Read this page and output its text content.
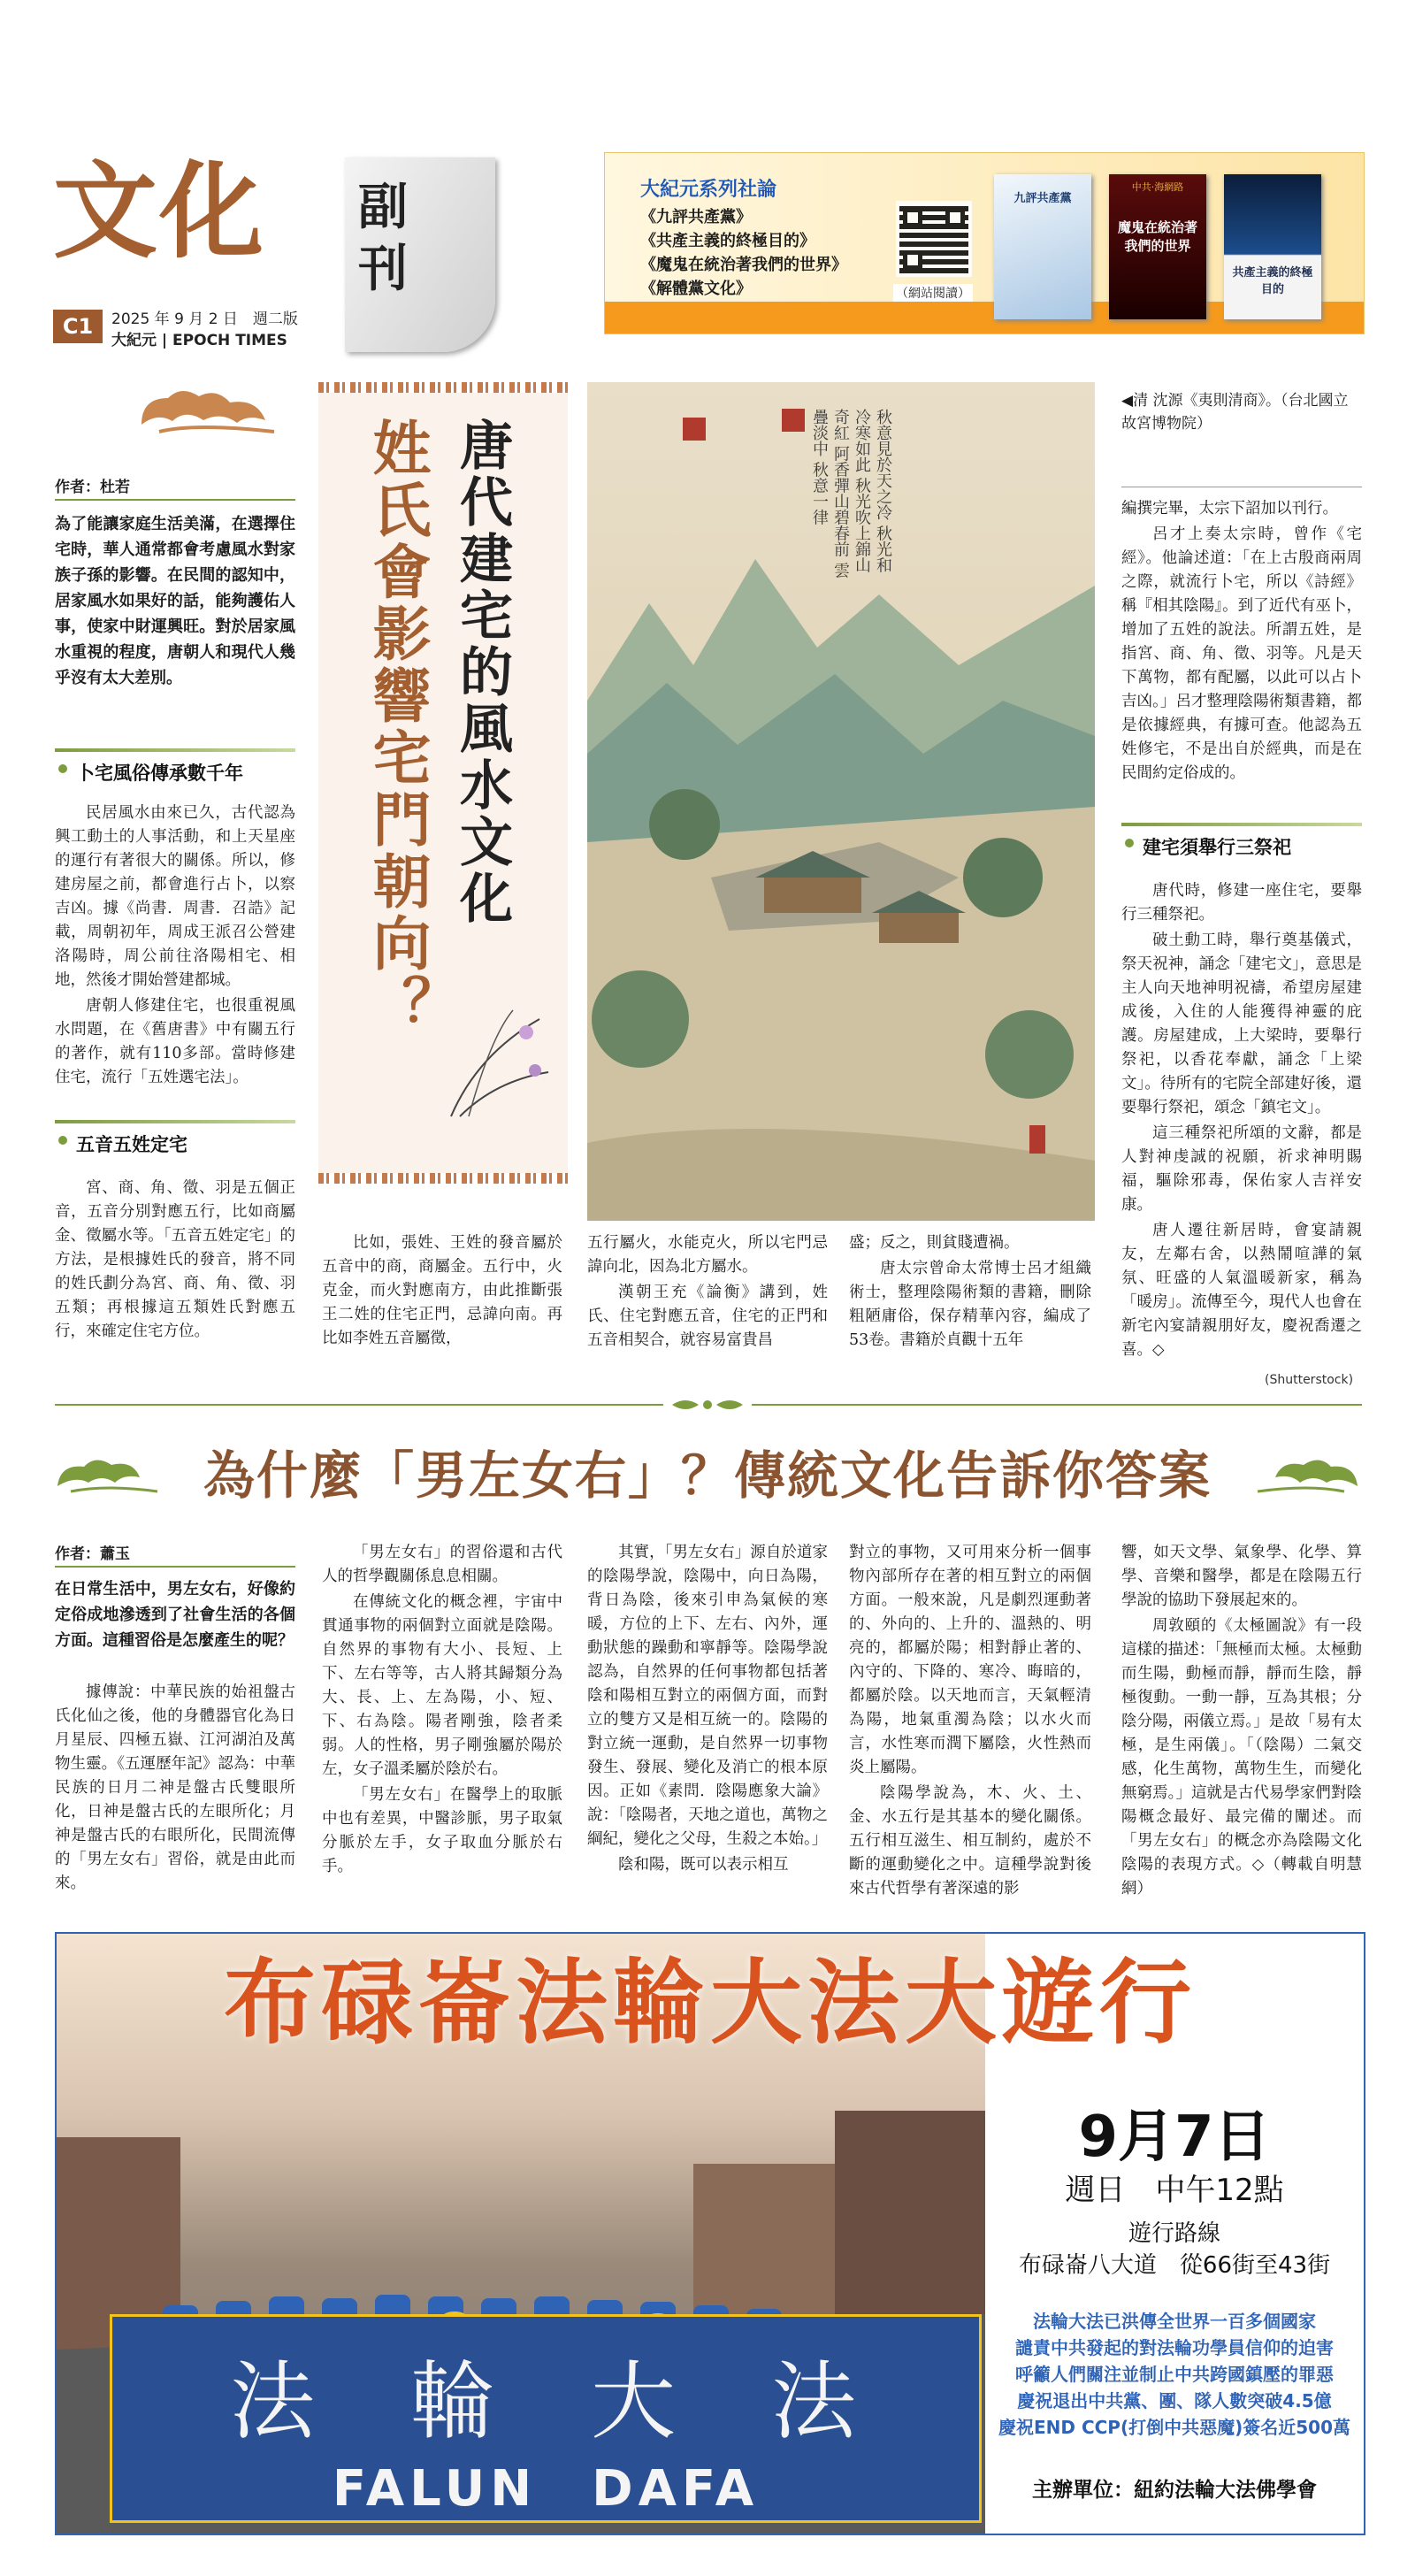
文化 副
刊
C1	2025 年 9 月 2 日　週二版
大紀元 | EPOCH TIMES
大紀元系列社論
《九評共產黨》
《共產主義的終極目的》
《魔鬼在統治著我們的世界》
《解體黨文化》	（網站閱讀）
九評共產黨
中共‧海網路
魔鬼在統治著我們的世界
共產主義的終極目的
作者：杜若
為了能讓家庭生活美滿，在選擇住宅時，華人通常都會考慮風水對家族子孫的影響。在民間的認知中，居家風水如果好的話，能夠護佑人事，使家中財運興旺。對於居家風水重視的程度，唐朝人和現代人幾乎沒有太大差別。
卜宅風俗傳承數千年

民居風水由來已久，古代認為興工動土的人事活動，和上天星座的運行有著很大的關係。所以，修建房屋之前，都會進行占卜，以察吉凶。據《尚書．周書．召誥》記載，周朝初年，周成王派召公營建洛陽時，周公前往洛陽相宅、相地，然後才開始營建都城。

唐朝人修建住宅，也很重視風水問題，在《舊唐書》中有關五行的著作，就有110多部。當時修建住宅，流行「五姓選宅法」。

五音五姓定宅

宮、商、角、徵、羽是五個正音，五音分別對應五行，比如商屬金、徵屬水等。「五音五姓定宅」的方法，是根據姓氏的發音，將不同的姓氏劃分為宮、商、角、徵、羽五類；再根據這五類姓氏對應五行，來確定住宅方位。

唐代建宅的風水文化
姓氏會影響宅門朝向？	秋意見於天之冷 秋光和冷寒如此 秋光吹上錦山奇紅 阿香彈山碧春前 雲疊淡中 秋意一律

比如，張姓、王姓的發音屬於五音中的商，商屬金。五行中，火克金，而火對應南方，由此推斷張王二姓的住宅正門，忌諱向南。再比如李姓五音屬徵，

五行屬火，水能克火，所以宅門忌諱向北，因為北方屬水。

漢朝王充《論衡》講到，姓氏、住宅對應五音，住宅的正門和五音相契合，就容易富貴昌

盛；反之，則貧賤遭禍。

唐太宗曾命太常博士呂才組織術士，整理陰陽術類的書籍，刪除粗陋庸俗，保存精華內容，編成了53卷。書籍於貞觀十五年

◀清 沈源《夷則清商》。（台北國立故宮博物院）

編撰完畢，太宗下詔加以刊行。

呂才上奏太宗時，曾作《宅經》。他論述道：「在上古殷商兩周之際，就流行卜宅，所以《詩經》稱『相其陰陽』。到了近代有巫卜，增加了五姓的說法。所謂五姓，是指宮、商、角、徵、羽等。凡是天下萬物，都有配屬，以此可以占卜吉凶。」呂才整理陰陽術類書籍，都是依據經典，有據可查。他認為五姓修宅，不是出自於經典，而是在民間約定俗成的。

建宅須舉行三祭祀

唐代時，修建一座住宅，要舉行三種祭祀。

破土動工時，舉行奠基儀式，祭天祝神，誦念「建宅文」，意思是主人向天地神明祝禱，希望房屋建成後，入住的人能獲得神靈的庇護。房屋建成，上大梁時，要舉行祭祀，以香花奉獻，誦念「上梁文」。待所有的宅院全部建好後，還要舉行祭祀，頌念「鎮宅文」。

這三種祭祀所頌的文辭，都是人對神虔誠的祝願，祈求神明賜福，驅除邪毒，保佑家人吉祥安康。

唐人遷往新居時，會宴請親友，左鄰右舍，以熱鬧喧譁的氣氛、旺盛的人氣溫暖新家，稱為「暖房」。流傳至今，現代人也會在新宅內宴請親朋好友，慶祝喬遷之喜。◇

(Shutterstock)
為什麼「男左女右」？傳統文化告訴你答案
作者：蕭玉
在日常生活中，男左女右，好像約定俗成地滲透到了社會生活的各個方面。這種習俗是怎麼產生的呢？

據傳說：中華民族的始祖盤古氏化仙之後，他的身體器官化為日月星辰、四極五嶽、江河湖泊及萬物生靈。《五運歷年記》認為：中華民族的日月二神是盤古氏雙眼所化，日神是盤古氏的左眼所化；月神是盤古氏的右眼所化，民間流傳的「男左女右」習俗，就是由此而來。

「男左女右」的習俗還和古代人的哲學觀關係息息相關。

在傳統文化的概念裡，宇宙中貫通事物的兩個對立面就是陰陽。自然界的事物有大小、長短、上下、左右等等，古人將其歸類分為大、長、上、左為陽，小、短、下、右為陰。陽者剛強，陰者柔弱。人的性格，男子剛強屬於陽於左，女子溫柔屬於陰於右。

「男左女右」在醫學上的取脈中也有差異，中醫診脈，男子取氣分脈於左手，女子取血分脈於右手。

其實，「男左女右」源自於道家的陰陽學說，陰陽中，向日為陽，背日為陰，後來引申為氣候的寒暖，方位的上下、左右、內外，運動狀態的躁動和寧靜等。陰陽學說認為，自然界的任何事物都包括著陰和陽相互對立的兩個方面，而對立的雙方又是相互統一的。陰陽的對立統一運動，是自然界一切事物發生、發展、變化及消亡的根本原因。正如《素問．陰陽應象大論》說：「陰陽者，天地之道也，萬物之綱紀，變化之父母，生殺之本始。」

陰和陽，既可以表示相互

對立的事物，又可用來分析一個事物內部所存在著的相互對立的兩個方面。一般來說，凡是劇烈運動著的、外向的、上升的、溫熱的、明亮的，都屬於陽；相對靜止著的、內守的、下降的、寒冷、晦暗的，都屬於陰。以天地而言，天氣輕清為陽，地氣重濁為陰；以水火而言，水性寒而潤下屬陰，火性熱而炎上屬陽。

陰陽學說為，木、火、土、金、水五行是其基本的變化關係。五行相互滋生、相互制約，處於不斷的運動變化之中。這種學說對後來古代哲學有著深遠的影

響，如天文學、氣象學、化學、算學、音樂和醫學，都是在陰陽五行學說的協助下發展起來的。

周敦頤的《太極圖說》有一段這樣的描述：「無極而太極。太極動而生陽，動極而靜，靜而生陰，靜極復動。一動一靜，互為其根；分陰分陽，兩儀立焉。」是故「易有太極，是生兩儀」。「（陰陽）二氣交感，化生萬物，萬物生生，而變化無窮焉。」這就是古代易學家們對陰陽概念最好、最完備的闡述。而「男左女右」的概念亦為陰陽文化陰陽的表現方式。◇（轉載自明慧網）

法　輪　大　法
FALUN　DAFA
布碌崙法輪大法大遊行
9月7日
週日　中午12點
遊行路線
布碌崙八大道　從66街至43街
法輪大法已洪傳全世界一百多個國家
譴責中共發起的對法輪功學員信仰的迫害
呼籲人們關注並制止中共跨國鎮壓的罪惡
慶祝退出中共黨、團、隊人數突破4.5億
慶祝END CCP(打倒中共惡魔)簽名近500萬
主辦單位：紐約法輪大法佛學會
